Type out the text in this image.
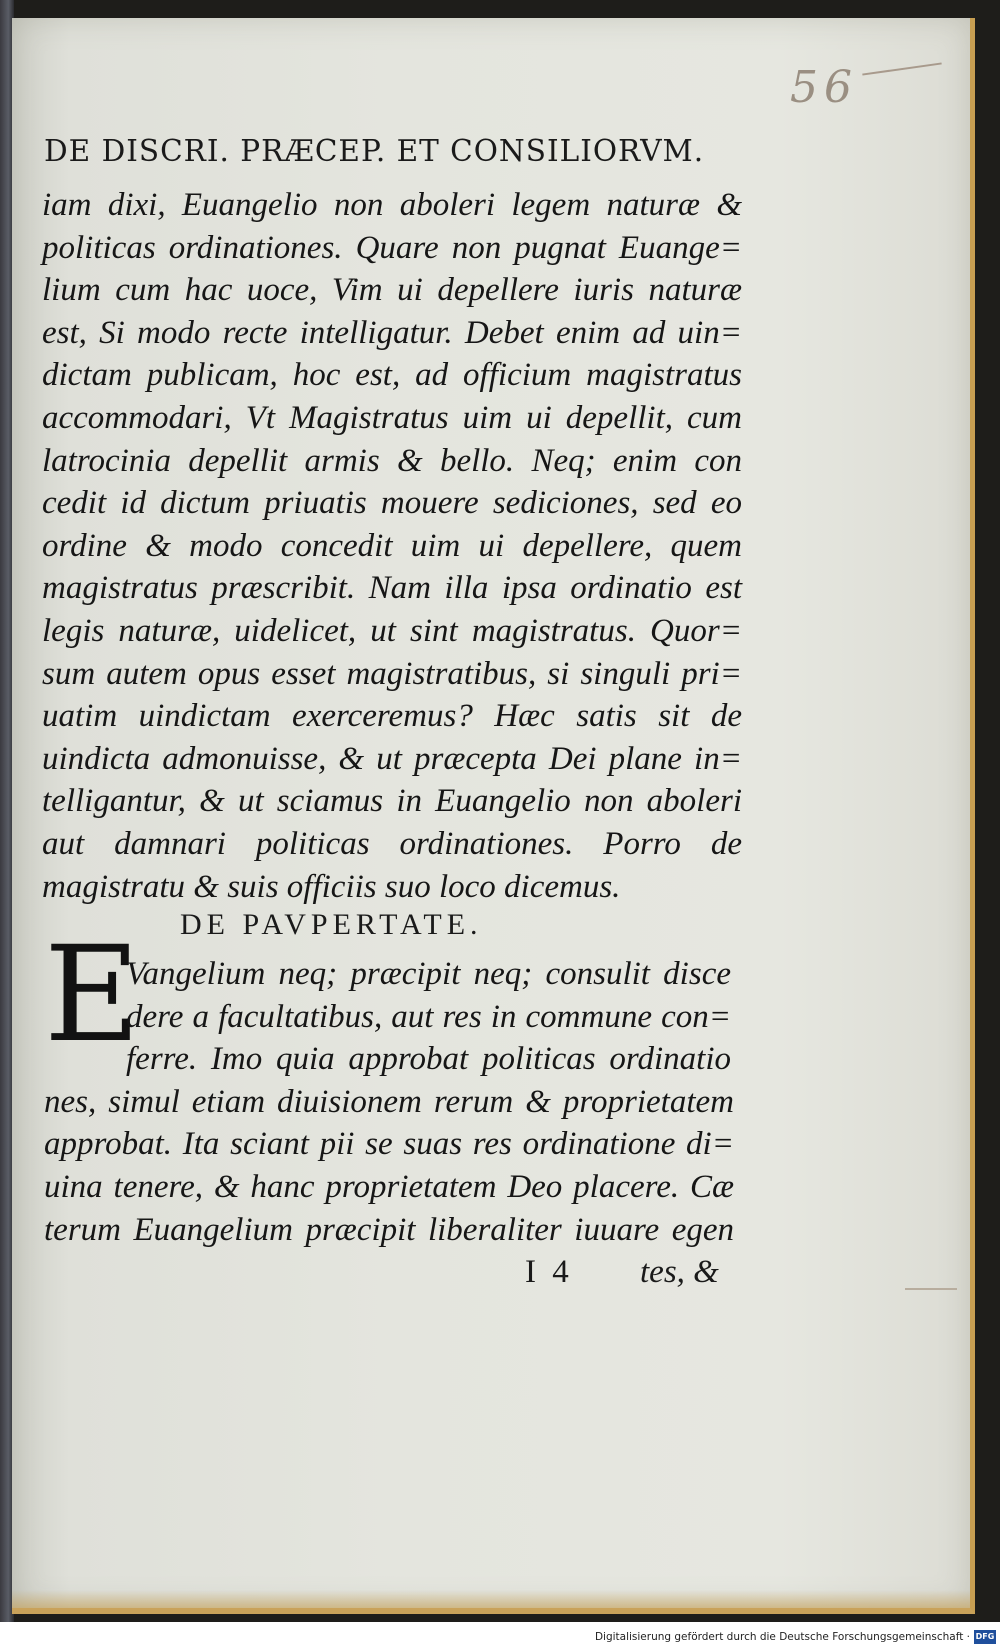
56
DE DISCRI. PRÆCEP. ET CONSILIORVM.
iam dixi, Euangelio non aboleri legem naturæ &
politicas ordinationes. Quare non pugnat Euange=
lium cum hac uoce, Vim ui depellere iuris naturæ
est, Si modo recte intelligatur. Debet enim ad uin=
dictam publicam, hoc est, ad officium magistratus
accommodari, Vt Magistratus uim ui depellit, cum
latrocinia depellit armis & bello. Neq; enim con
cedit id dictum priuatis mouere sediciones, sed eo
ordine & modo concedit uim ui depellere, quem
magistratus præscribit. Nam illa ipsa ordinatio est
legis naturæ, uidelicet, ut sint magistratus. Quor=
sum autem opus esset magistratibus, si singuli pri=
uatim uindictam exerceremus? Hæc satis sit de
uindicta admonuisse, & ut præcepta Dei plane in=
telligantur, & ut sciamus in Euangelio non aboleri
aut damnari politicas ordinationes. Porro de
magistratu & suis officiis suo loco dicemus.
DE PAVPERTATE.
E
Vangelium neq; præcipit neq; consulit disce
dere a facultatibus, aut res in commune con=
ferre. Imo quia approbat politicas ordinatio
nes, simul etiam diuisionem rerum & proprietatem
approbat. Ita sciant pii se suas res ordinatione di=
uina tenere, & hanc proprietatem Deo placere. Cæ
terum Euangelium præcipit liberaliter iuuare egen
I 4 tes, &
Digitalisierung gefördert durch die Deutsche Forschungsgemeinschaft · DFG
